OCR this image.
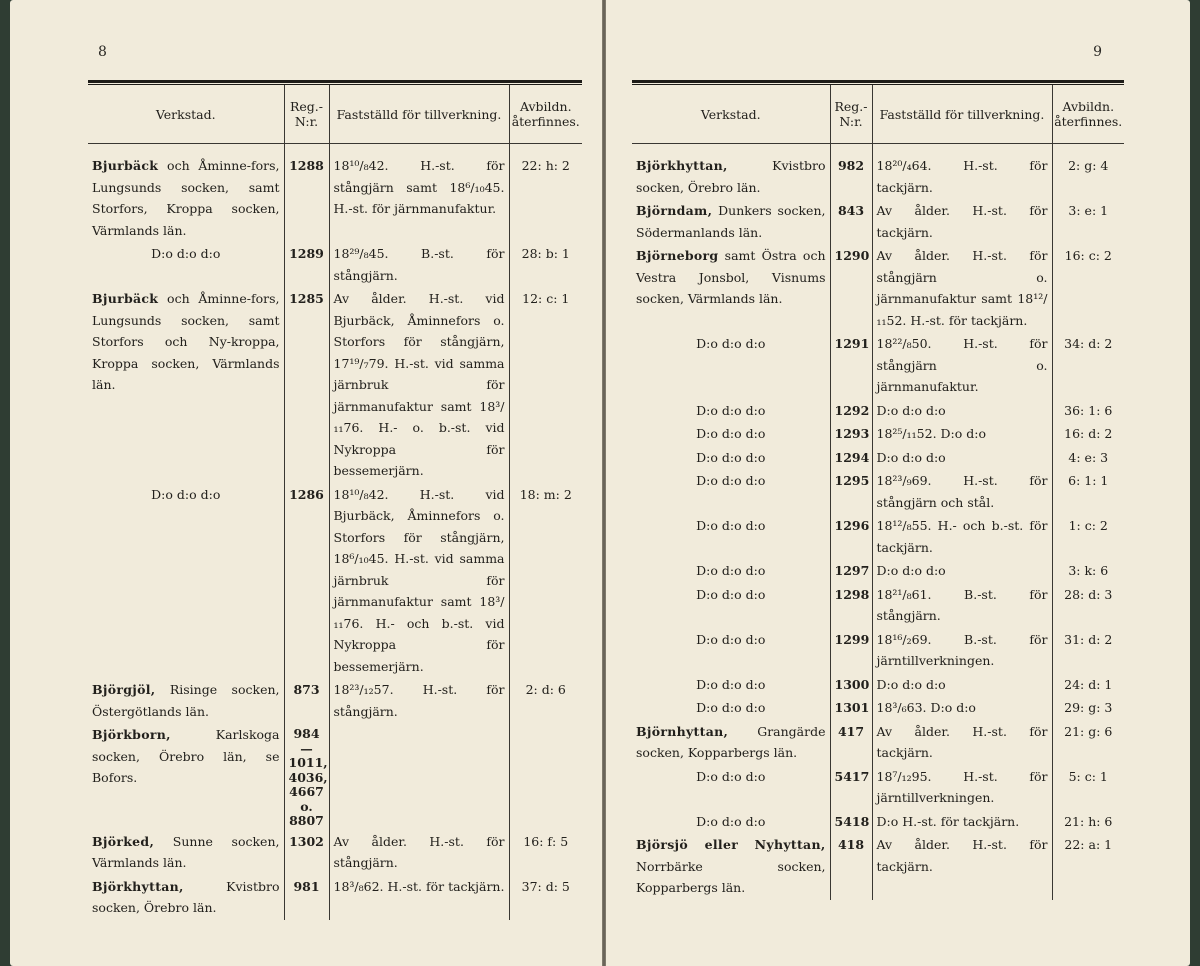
8
Verkstad.	Reg.- N:r.	Fastställd för tillverkning.	Avbildn. återfinnes.

Bjurbäck och Åminne-fors, Lungsunds socken, samt Storfors, Kroppa socken, Värmlands län.	1288	18¹⁰/₈42. H.-st. för stångjärn samt 18⁶/₁₀45. H.-st. för järnmanufaktur.	22: h: 2

D:o d:o d:o	1289	18²⁹/₈45. B.-st. för stångjärn.	28: b: 1
Bjurbäck och Åminne-fors, Lungsunds socken, samt Storfors och Ny-kroppa, Kroppa socken, Värmlands län.	1285	Av ålder. H.-st. vid Bjurbäck, Åminnefors o. Storfors för stångjärn, 17¹⁹/₇79. H.-st. vid samma järnbruk för järnmanufaktur samt 18³/₁₁76. H.- o. b.-st. vid Nykroppa för bessemerjärn.	12: c: 1

D:o d:o d:o	1286	18¹⁰/₈42. H.-st. vid Bjurbäck, Åminnefors o. Storfors för stångjärn, 18⁶/₁₀45. H.-st. vid samma järnbruk för järnmanufaktur samt 18³/₁₁76. H.- och b.-st. vid Nykroppa för bessemerjärn.	18: m: 2
Björgjöl, Risinge socken, Östergötlands län.	873	18²³/₁₂57. H.-st. för stångjärn.	2: d: 6
Björkborn, Karlskoga socken, Örebro län, se Bofors.	984—1011, 4036, 4667 o. 8807		

Björked, Sunne socken, Värmlands län.	1302	Av ålder. H.-st. för stångjärn.	16: f: 5
Björkhyttan, Kvistbro socken, Örebro län.	981	18³/₈62. H.-st. för tackjärn.	37: d: 5
9
Verkstad.	Reg.- N:r.	Fastställd för tillverkning.	Avbildn. återfinnes.

Björkhyttan, Kvistbro socken, Örebro län.	982	18²⁰/₄64. H.-st. för tackjärn.	2: g: 4
Björndam, Dunkers socken, Södermanlands län.	843	Av ålder. H.-st. för tackjärn.	3: e: 1
Björneborg samt Östra och Vestra Jonsbol, Visnums socken, Värmlands län.	1290	Av ålder. H.-st. för stångjärn o. järnmanufaktur samt 18¹²/₁₁52. H.-st. för tackjärn.	16: c: 2

D:o d:o d:o	1291	18²²/₈50. H.-st. för stångjärn o. järnmanufaktur.	34: d: 2

D:o d:o d:o	1292	D:o d:o d:o	36: 1: 6

D:o d:o d:o	1293	18²⁵/₁₁52. D:o d:o	16: d: 2

D:o d:o d:o	1294	D:o d:o d:o	4: e: 3

D:o d:o d:o	1295	18²³/₉69. H.-st. för stångjärn och stål.	6: 1: 1

D:o d:o d:o	1296	18¹²/₈55. H.- och b.-st. för tackjärn.	1: c: 2

D:o d:o d:o	1297	D:o d:o d:o	3: k: 6

D:o d:o d:o	1298	18²¹/₈61. B.-st. för stångjärn.	28: d: 3

D:o d:o d:o	1299	18¹⁶/₂69. B.-st. för järntillverkningen.	31: d: 2

D:o d:o d:o	1300	D:o d:o d:o	24: d: 1

D:o d:o d:o	1301	18³/₆63. D:o d:o	29: g: 3
Björnhyttan, Grangärde socken, Kopparbergs län.	417	Av ålder. H.-st. för tackjärn.	21: g: 6

D:o d:o d:o	5417	18⁷/₁₂95. H.-st. för järntillverkningen.	5: c: 1

D:o d:o d:o	5418	D:o H.-st. för tackjärn.	21: h: 6
Björsjö eller Nyhyttan, Norrbärke socken, Kopparbergs län.	418	Av ålder. H.-st. för tackjärn.	22: a: 1
